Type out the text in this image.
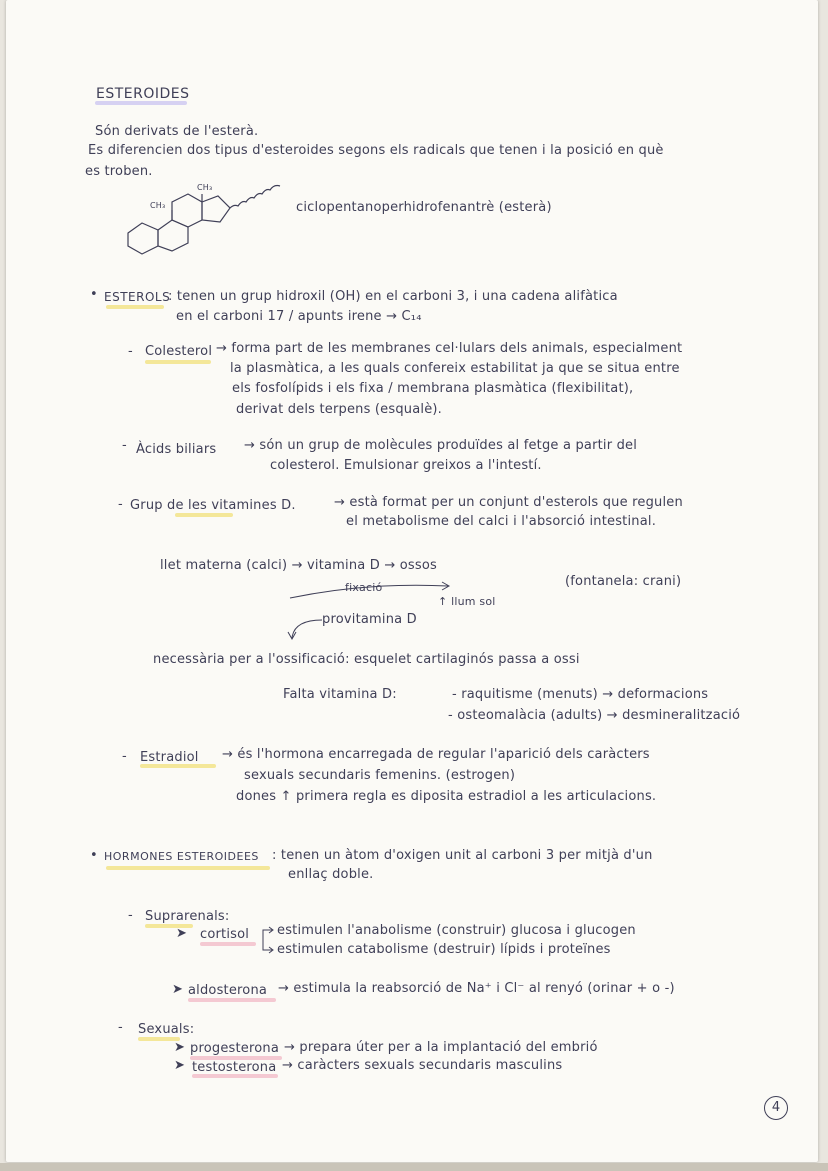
ESTEROIDES
Són derivats de l'esterà.
Es diferencien dos tipus d'esteroides segons els radicals que tenen i la posició en què
es troben.
CH₃
CH₃
ciclopentanoperhidrofenantrè (esterà)
• ESTEROLS
: tenen un grup hidroxil (OH) en el carboni 3, i una cadena alifàtica
en el carboni 17 / apunts irene → C₁₄
- Colesterol → forma part de les membranes cel·lulars dels animals, especialment
la plasmàtica, a les quals confereix estabilitat ja que se situa entre
els fosfolípids i els fixa / membrana plasmàtica (flexibilitat),
derivat dels terpens (esqualè).
- Àcids biliars → són un grup de molècules produïdes al fetge a partir del
colesterol. Emulsionar greixos a l'intestí.
- Grup de les vitamines D.	→ està format per un conjunt d'esterols que regulen
el metabolisme del calci i l'absorció intestinal.
llet materna (calci) → vitamina D → ossos
fixació
↑ llum sol
(fontanela: crani)
provitamina D
necessària per a l'ossificació: esquelet cartilaginós passa a ossi
Falta vitamina D:	- raquitisme (menuts) → deformacions
- osteomalàcia (adults) → desmineralització
- Estradiol → és l'hormona encarregada de regular l'aparició dels caràcters
sexuals secundaris femenins. (estrogen)
dones ↑ primera regla es diposita estradiol a les articulacions.
• HORMONES ESTEROIDEES : tenen un àtom d'oxigen unit al carboni 3 per mitjà d'un
enllaç doble.
- Suprarenals:
➤ cortisol estimulen l'anabolisme (construir) glucosa i glucogen
estimulen catabolisme (destruir) lípids i proteïnes
➤ aldosterona → estimula la reabsorció de Na⁺ i Cl⁻ al renyó (orinar + o -)
- Sexuals:
➤ progesterona → prepara úter per a la implantació del embrió
➤ testosterona → caràcters sexuals secundaris masculins
4
